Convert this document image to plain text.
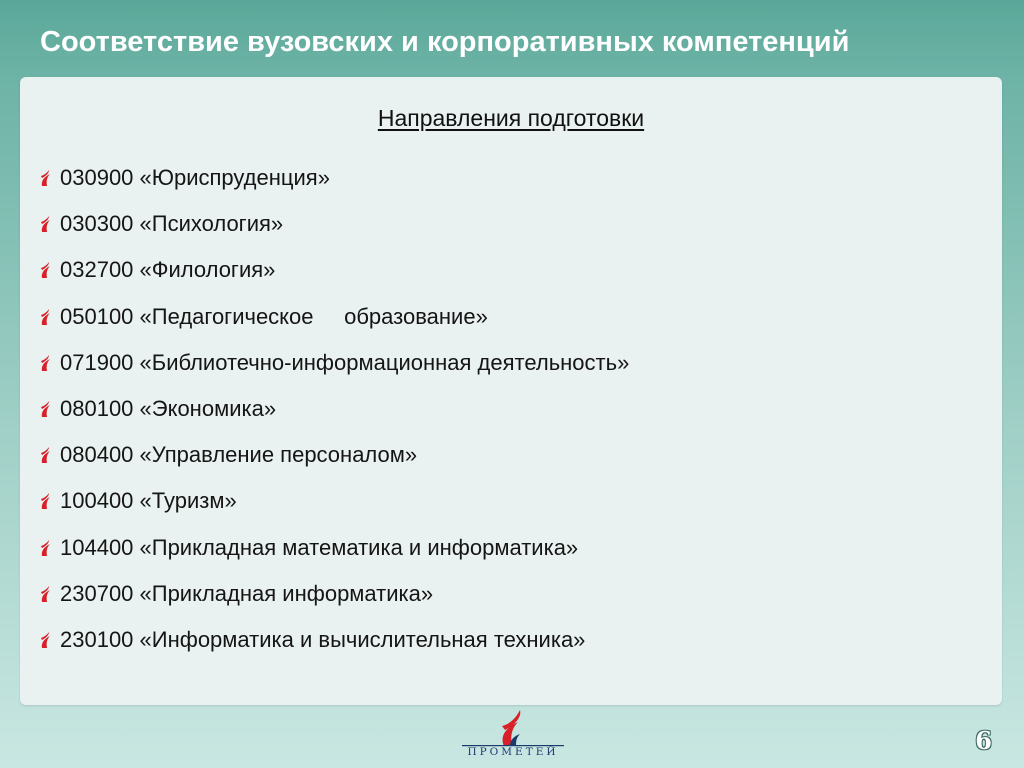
Соответствие вузовских и корпоративных компетенций
Направления подготовки
030900 «Юриспруденция»
030300 «Психология»
032700 «Филология»
050100 «Педагогическое     образование»
071900 «Библиотечно-информационная деятельность»
080100 «Экономика»
080400 «Управление персоналом»
100400 «Туризм»
104400 «Прикладная математика и информатика»
230700 «Прикладная информатика»
230100 «Информатика и вычислительная техника»
ПРОМЕТЕЙ	6
